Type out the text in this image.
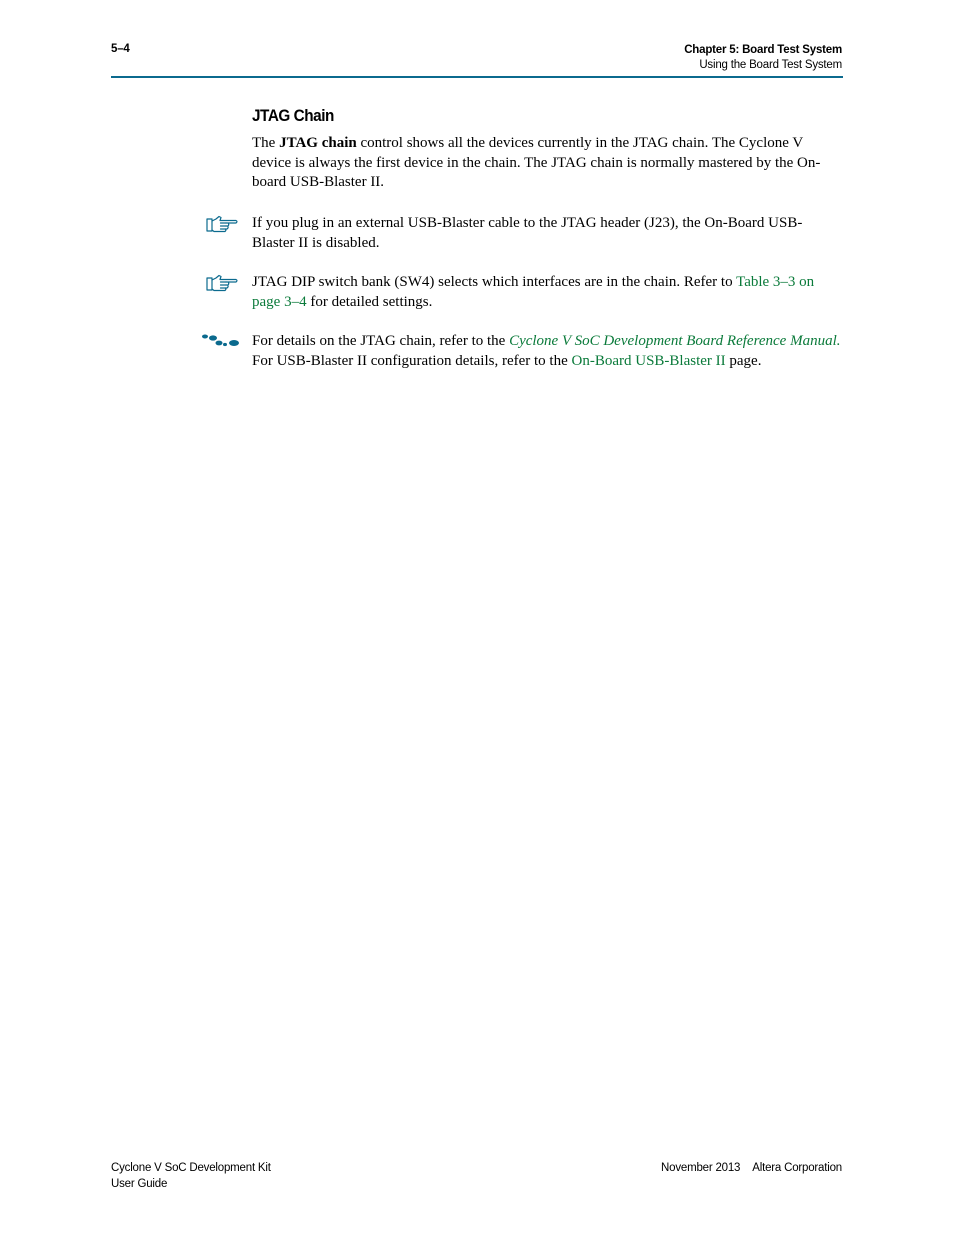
5–4	Chapter 5: Board Test System
Using the Board Test System
JTAG Chain
The JTAG chain control shows all the devices currently in the JTAG chain. The Cyclone V device is always the first device in the chain. The JTAG chain is normally mastered by the On-board USB-Blaster II.
If you plug in an external USB-Blaster cable to the JTAG header (J23), the On-Board USB-Blaster II is disabled.
JTAG DIP switch bank (SW4) selects which interfaces are in the chain. Refer to Table 3–3 on page 3–4 for detailed settings.
For details on the JTAG chain, refer to the Cyclone V SoC Development Board Reference Manual. For USB-Blaster II configuration details, refer to the On-Board USB-Blaster II page.
Cyclone V SoC Development Kit
User Guide
November 2013 Altera Corporation
